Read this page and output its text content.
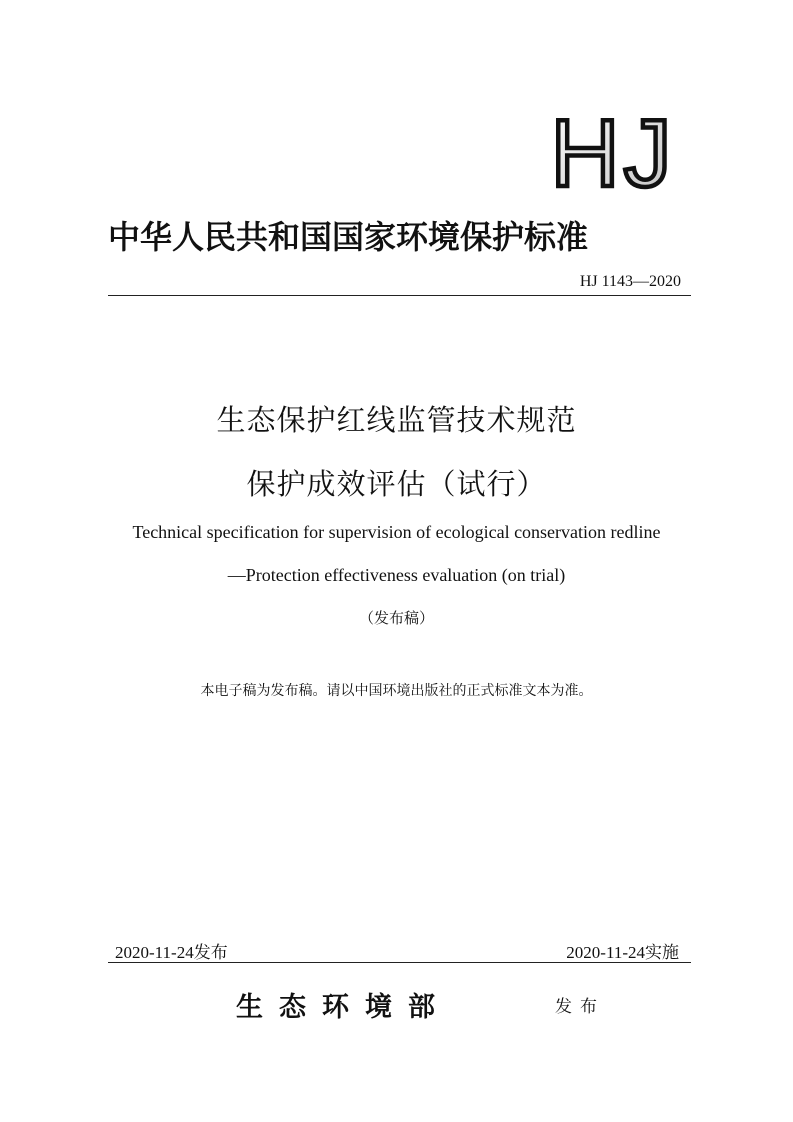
HJ
中华人民共和国国家环境保护标准
HJ 1143—2020
生态保护红线监管技术规范
保护成效评估（试行）
Technical specification for supervision of ecological conservation redline
—Protection effectiveness evaluation (on trial)
（发布稿）
本电子稿为发布稿。请以中国环境出版社的正式标准文本为准。
2020-11-24发布	2020-11-24实施
生态环境部	发布
